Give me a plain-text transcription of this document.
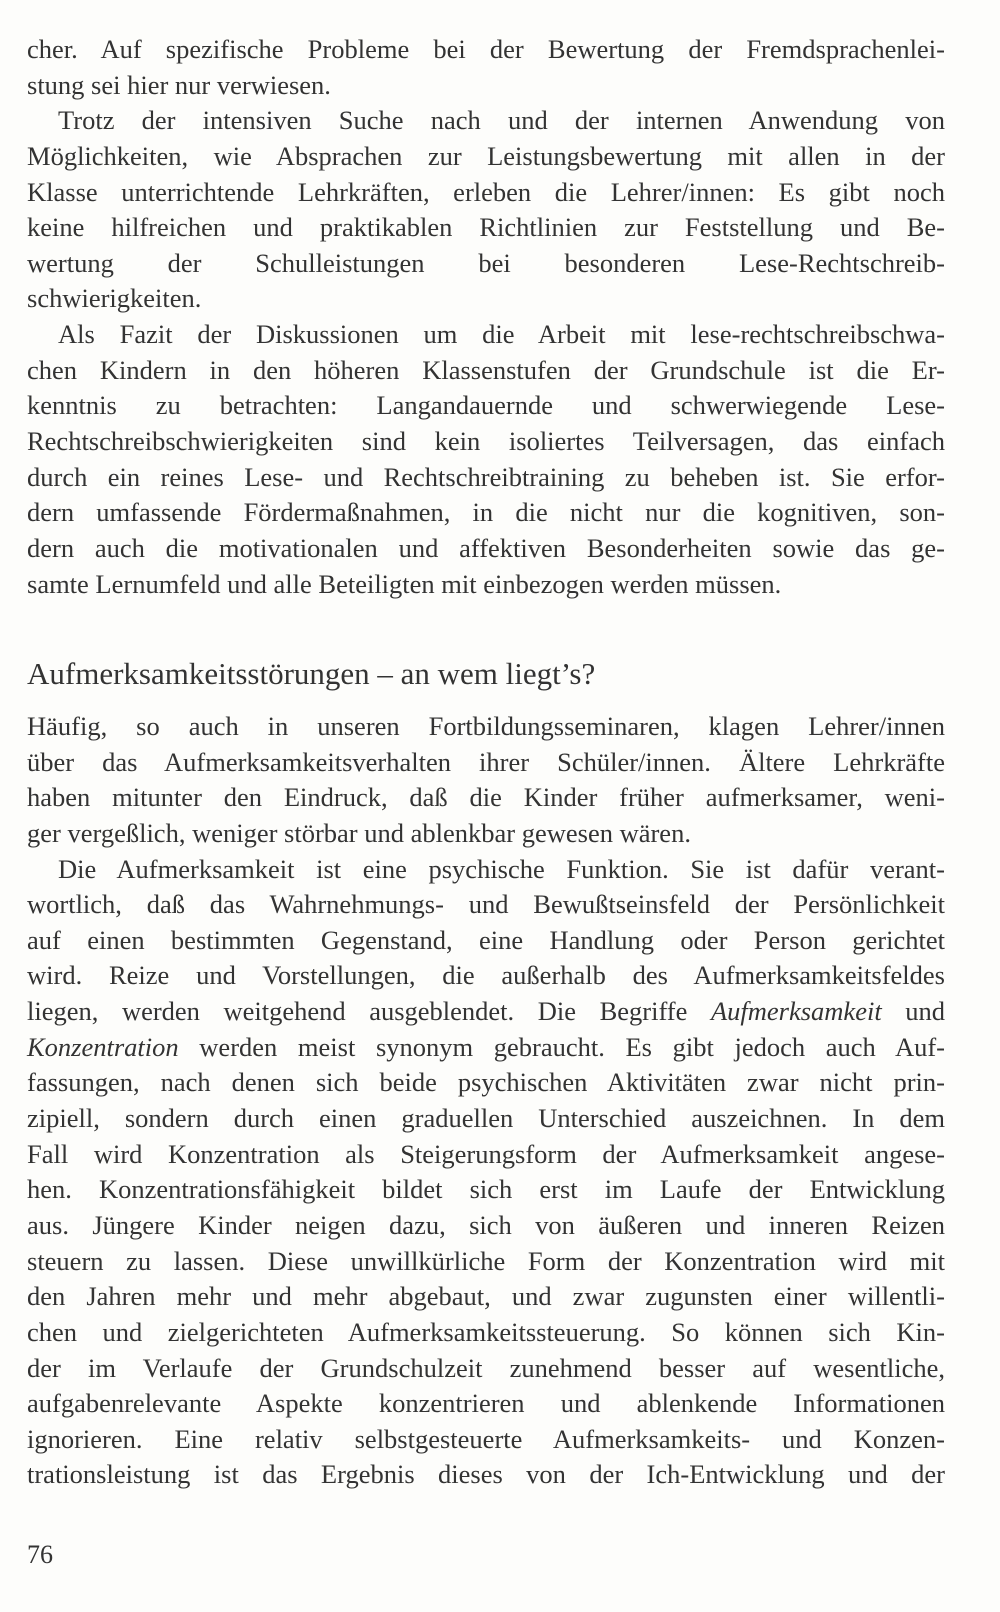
cher. Auf spezifische Probleme bei der Bewertung der Fremdsprachenlei-
stung sei hier nur verwiesen.
Trotz der intensiven Suche nach und der internen Anwendung von
Möglichkeiten, wie Absprachen zur Leistungsbewertung mit allen in der
Klasse unterrichtende Lehrkräften, erleben die Lehrer/innen: Es gibt noch
keine hilfreichen und praktikablen Richtlinien zur Feststellung und Be-
wertung der Schulleistungen bei besonderen Lese-Rechtschreib-
schwierigkeiten.
Als Fazit der Diskussionen um die Arbeit mit lese-rechtschreibschwa-
chen Kindern in den höheren Klassenstufen der Grundschule ist die Er-
kenntnis zu betrachten: Langandauernde und schwerwiegende Lese-
Rechtschreibschwierigkeiten sind kein isoliertes Teilversagen, das einfach
durch ein reines Lese- und Rechtschreibtraining zu beheben ist. Sie erfor-
dern umfassende Fördermaßnahmen, in die nicht nur die kognitiven, son-
dern auch die motivationalen und affektiven Besonderheiten sowie das ge-
samte Lernumfeld und alle Beteiligten mit einbezogen werden müssen.
Aufmerksamkeitsstörungen – an wem liegt’s?
Häufig, so auch in unseren Fortbildungsseminaren, klagen Lehrer/innen
über das Aufmerksamkeitsverhalten ihrer Schüler/innen. Ältere Lehrkräfte
haben mitunter den Eindruck, daß die Kinder früher aufmerksamer, weni-
ger vergeßlich, weniger störbar und ablenkbar gewesen wären.
Die Aufmerksamkeit ist eine psychische Funktion. Sie ist dafür verant-
wortlich, daß das Wahrnehmungs- und Bewußtseinsfeld der Persönlichkeit
auf einen bestimmten Gegenstand, eine Handlung oder Person gerichtet
wird. Reize und Vorstellungen, die außerhalb des Aufmerksamkeitsfeldes
liegen, werden weitgehend ausgeblendet. Die Begriffe Aufmerksamkeit und
Konzentration werden meist synonym gebraucht. Es gibt jedoch auch Auf-
fassungen, nach denen sich beide psychischen Aktivitäten zwar nicht prin-
zipiell, sondern durch einen graduellen Unterschied auszeichnen. In dem
Fall wird Konzentration als Steigerungsform der Aufmerksamkeit angese-
hen. Konzentrationsfähigkeit bildet sich erst im Laufe der Entwicklung
aus. Jüngere Kinder neigen dazu, sich von äußeren und inneren Reizen
steuern zu lassen. Diese unwillkürliche Form der Konzentration wird mit
den Jahren mehr und mehr abgebaut, und zwar zugunsten einer willentli-
chen und zielgerichteten Aufmerksamkeitssteuerung. So können sich Kin-
der im Verlaufe der Grundschulzeit zunehmend besser auf wesentliche,
aufgabenrelevante Aspekte konzentrieren und ablenkende Informationen
ignorieren. Eine relativ selbstgesteuerte Aufmerksamkeits- und Konzen-
trationsleistung ist das Ergebnis dieses von der Ich-Entwicklung und der
76
